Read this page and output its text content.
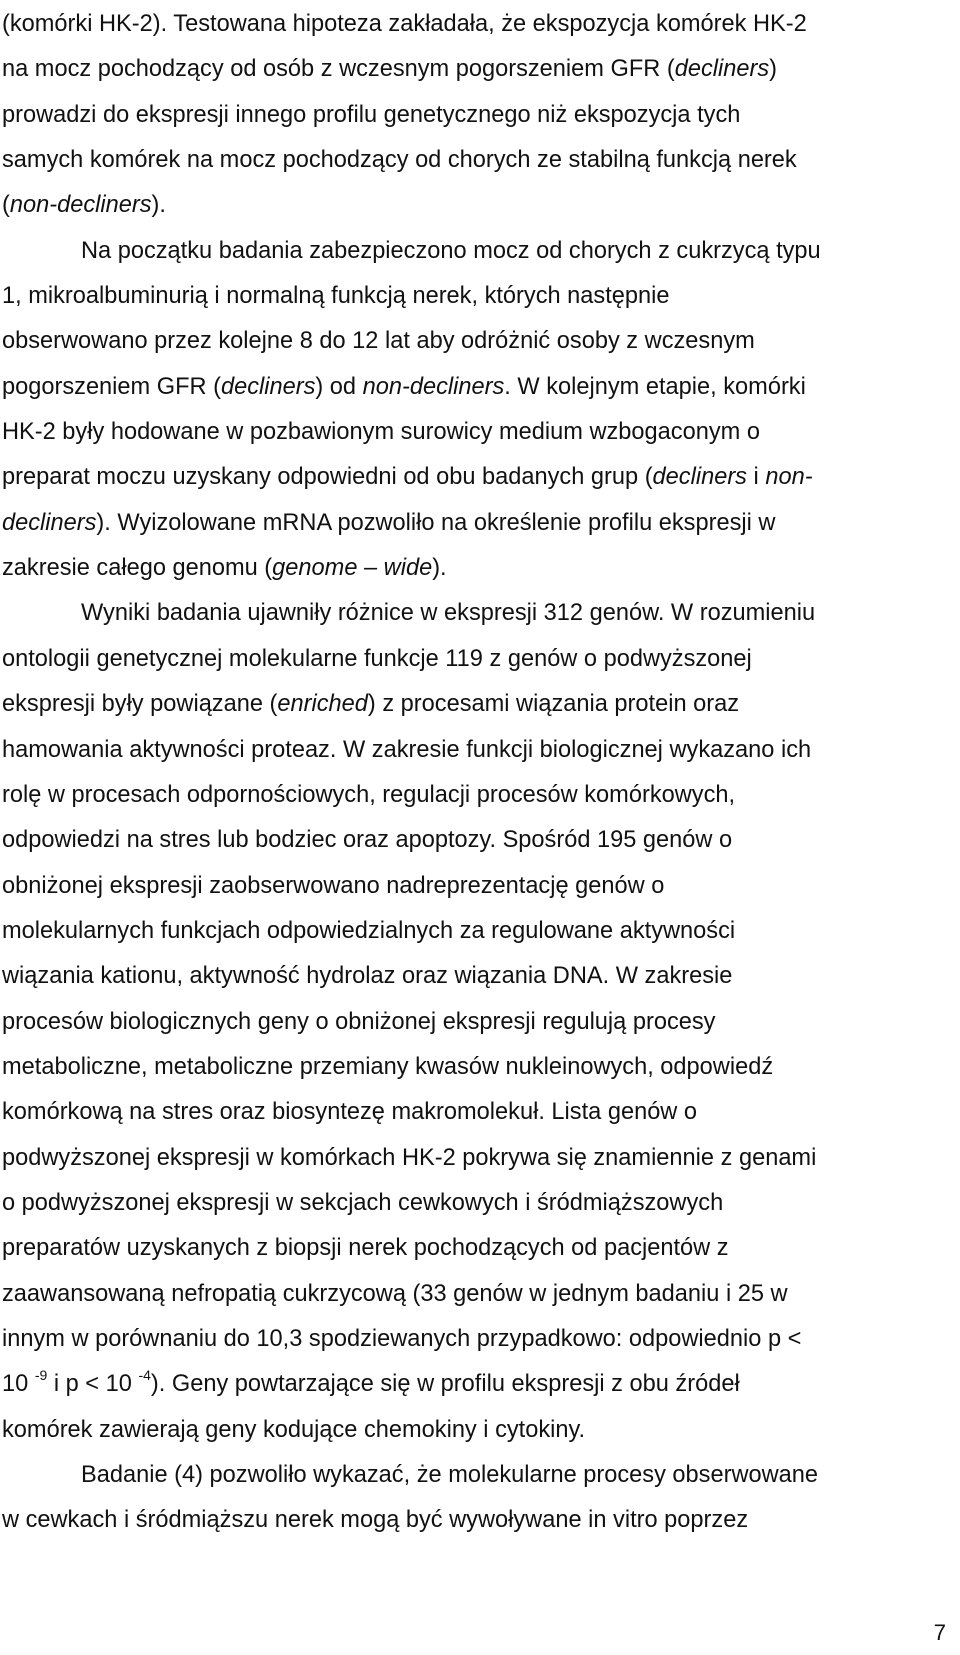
(komórki HK-2). Testowana hipoteza zakładała, że ekspozycja komórek HK-2
na mocz pochodzący od osób z wczesnym pogorszeniem GFR (decliners)
prowadzi do ekspresji innego profilu genetycznego niż ekspozycja tych
samych komórek na mocz pochodzący od chorych ze stabilną funkcją nerek
(non-decliners).
Na początku badania zabezpieczono mocz od chorych z cukrzycą typu
1, mikroalbuminurią i normalną funkcją nerek, których następnie
obserwowano przez kolejne 8 do 12 lat aby odróżnić osoby z wczesnym
pogorszeniem GFR (decliners) od non-decliners. W kolejnym etapie, komórki
HK-2 były hodowane w pozbawionym surowicy medium wzbogaconym o
preparat moczu uzyskany odpowiedni od obu badanych grup (decliners i non-
decliners). Wyizolowane mRNA pozwoliło na określenie profilu ekspresji w
zakresie całego genomu (genome – wide).
Wyniki badania ujawniły różnice w ekspresji 312 genów. W rozumieniu
ontologii genetycznej molekularne funkcje 119 z genów o podwyższonej
ekspresji były powiązane (enriched) z procesami wiązania protein oraz
hamowania aktywności proteaz. W zakresie funkcji biologicznej wykazano ich
rolę w procesach odpornościowych, regulacji procesów komórkowych,
odpowiedzi na stres lub bodziec oraz apoptozy. Spośród 195 genów o
obniżonej ekspresji zaobserwowano nadreprezentację genów o
molekularnych funkcjach odpowiedzialnych za regulowane aktywności
wiązania kationu, aktywność hydrolaz oraz wiązania DNA. W zakresie
procesów biologicznych geny o obniżonej ekspresji regulują procesy
metaboliczne, metaboliczne przemiany kwasów nukleinowych, odpowiedź
komórkową na stres oraz biosyntezę makromolekuł. Lista genów o
podwyższonej ekspresji w komórkach HK-2 pokrywa się znamiennie z genami
o podwyższonej ekspresji w sekcjach cewkowych i śródmiąższowych
preparatów uzyskanych z biopsji nerek pochodzących od pacjentów z
zaawansowaną nefropatią cukrzycową (33 genów w jednym badaniu i 25 w
innym w porównaniu do 10,3 spodziewanych przypadkowo: odpowiednio p <
10 $^{-9}$ i p < 10 $^{-4}$). Geny powtarzające się w profilu ekspresji z obu źródeł
komórek zawierają geny kodujące chemokiny i cytokiny.
Badanie (4) pozwoliło wykazać, że molekularne procesy obserwowane
w cewkach i śródmiąższu nerek mogą być wywoływane in vitro poprzez
7
